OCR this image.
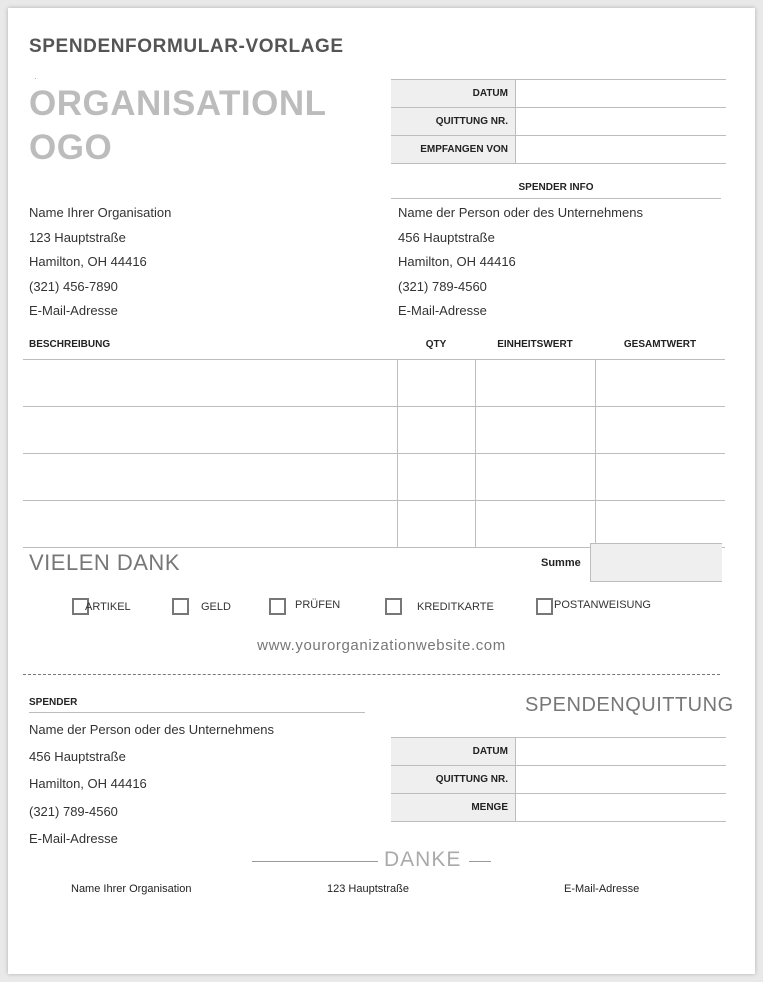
SPENDENFORMULAR-VORLAGE
·
ORGANISATIONLOGO
DATUM	
QUITTUNG NR.	
EMPFANGEN VON	
SPENDER INFO
Name Ihrer Organisation
123 Hauptstraße
Hamilton, OH 44416
(321) 456-7890
E-Mail-Adresse
Name der Person oder des Unternehmens
456 Hauptstraße
Hamilton, OH 44416
(321) 789-4560
E-Mail-Adresse
BESCHREIBUNG	QTY	EINHEITSWERT	GESAMTWERT

VIELEN DANK	Summe
ARTIKEL	GELD	PRÜFEN	KREDITKARTE	POSTANWEISUNG
www.yourorganizationwebsite.com
SPENDER
Name der Person oder des Unternehmens
456 Hauptstraße
Hamilton, OH 44416
(321) 789-4560
E-Mail-Adresse
SPENDENQUITTUNG
DATUM	
QUITTUNG NR.	
MENGE	
DANKE
Name Ihrer Organisation	123 Hauptstraße	E-Mail-Adresse
